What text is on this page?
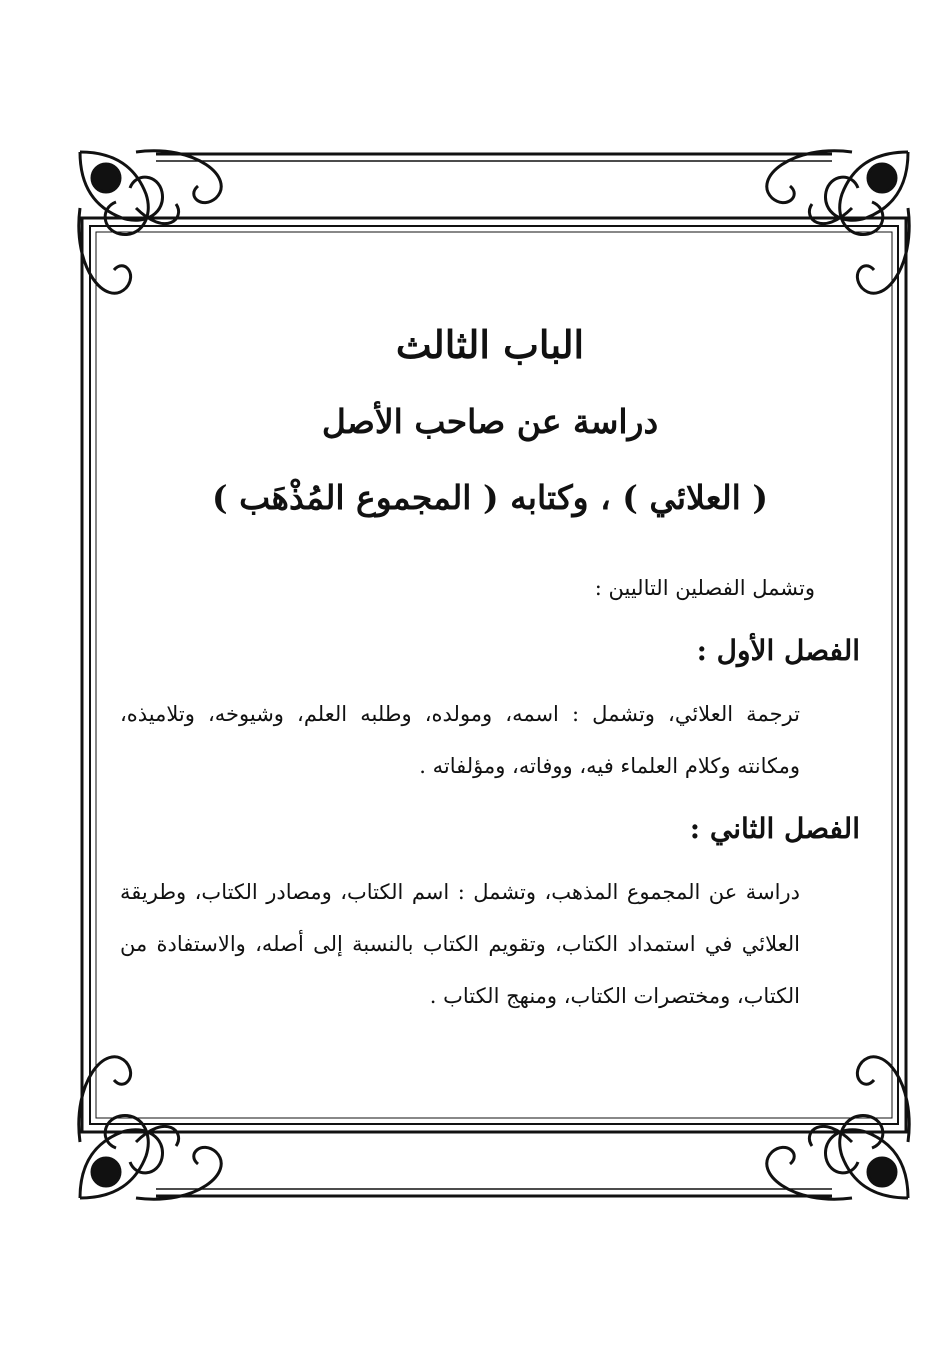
الباب الثالث
دراسة عن صاحب الأصل
( العلائي ) ، وكتابه ( المجموع المُذْهَب )
وتشمل الفصلين التاليين :
الفصل الأول :
ترجمة العلائي، وتشمل : اسمه، ومولده، وطلبه العلم، وشيوخه، وتلاميذه، ومكانته وكلام العلماء فيه، ووفاته، ومؤلفاته .
الفصل الثاني :
دراسة عن المجموع المذهب، وتشمل : اسم الكتاب، ومصادر الكتاب، وطريقة العلائي في استمداد الكتاب، وتقويم الكتاب بالنسبة إلى أصله، والاستفادة من الكتاب، ومختصرات الكتاب، ومنهج الكتاب .
